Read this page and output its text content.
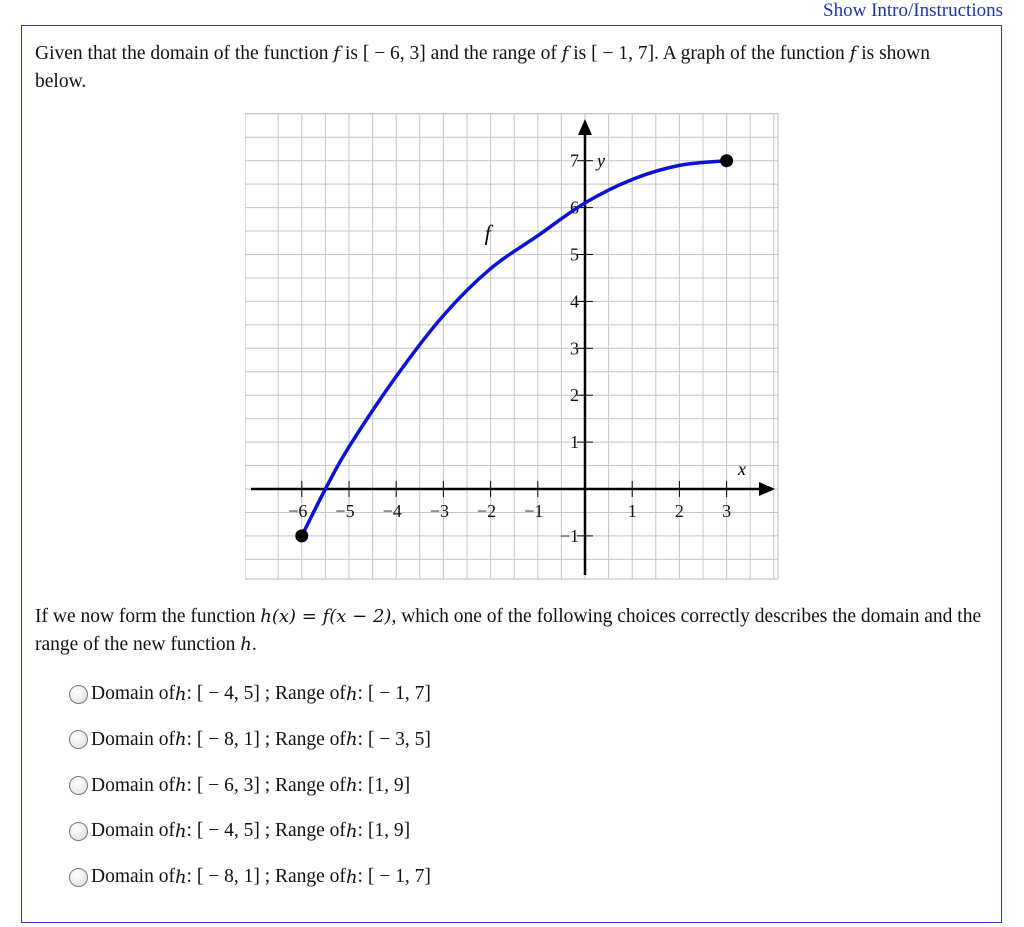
Show Intro/Instructions
Given that the domain of the function f is [ − 6, 3] and the range of f is [ − 1, 7]. A graph of the function f is shown below.
−6 −5 −4 −3 −2 −1	1 2 3
7
6
5
4
3
2
1
−1
f
x
y
If we now form the function h(x) = f(x − 2), which one of the following choices correctly describes the domain and the range of the new function h.
Domain of h : [ − 4, 5] ; Range of h : [ − 1, 7]
Domain of h : [ − 8, 1] ; Range of h : [ − 3, 5]
Domain of h : [ − 6, 3] ; Range of h : [1, 9]
Domain of h : [ − 4, 5] ; Range of h : [1, 9]
Domain of h : [ − 8, 1] ; Range of h : [ − 1, 7]
